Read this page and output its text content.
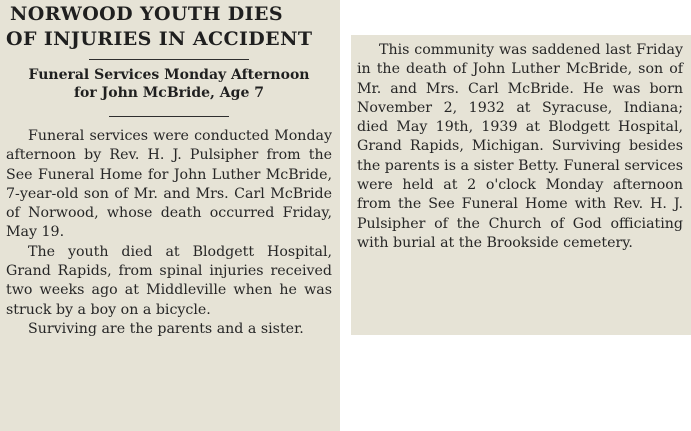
NORWOOD YOUTH DIES
OF INJURIES IN ACCIDENT
Funeral Services Monday Afternoon
for John McBride, Age 7

Funeral services were conducted Monday afternoon by Rev. H. J. Pulsipher from the See Funeral Home for John Luther McBride, 7-year-old son of Mr. and Mrs. Carl McBride of Norwood, whose death occurred Friday, May 19.

The youth died at Blodgett Hospital, Grand Rapids, from spinal injuries received two weeks ago at Middleville when he was struck by a boy on a bicycle.

Surviving are the parents and a sister.

This community was saddened last Friday in the death of John Luther McBride, son of Mr. and Mrs. Carl McBride. He was born November 2, 1932 at Syracuse, Indiana; died May 19th, 1939 at Blodgett Hospital, Grand Rapids, Michigan. Surviving besides the parents is a sister Betty. Funeral services were held at 2 o'clock Monday afternoon from the See Funeral Home with Rev. H. J. Pulsipher of the Church of God officiating with burial at the Brookside cemetery.
